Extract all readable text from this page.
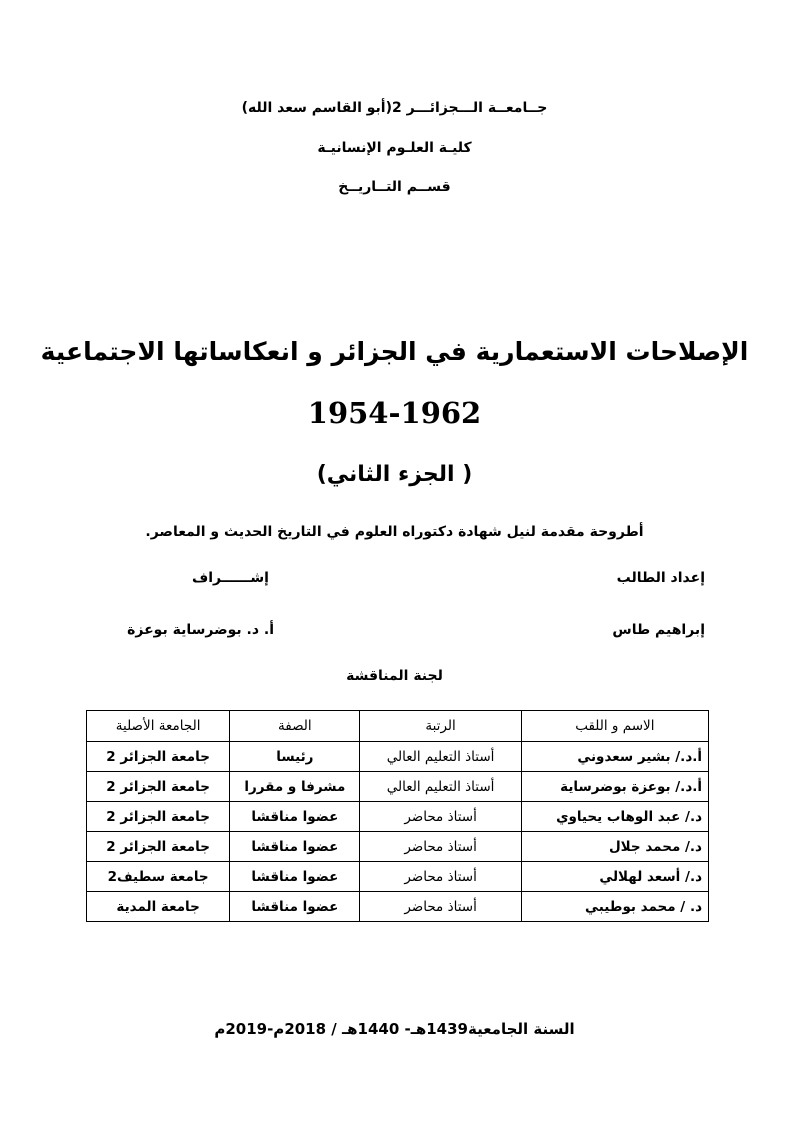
جــامعــة الـــجزائـــر 2(أبو القاسم سعد الله)
كليـة العلـوم الإنسانيـة
قســم التــاريــخ
الإصلاحات الاستعمارية في الجزائر و انعكاساتها الاجتماعية
1954-1962
( الجزء الثاني)
أطروحة مقدمة لنيل شهادة دكتوراه العلوم في التاريخ الحديث و المعاصر.
إعداد الطالب
إشــــــراف
إبراهيم طاس
أ. د. بوضرساية بوعزة
لجنة المناقشة
الاسم و اللقب	الرتبة	الصفة	الجامعة الأصلية
أ.د./ بشير سعدوني	أستاذ التعليم العالي	رئيسا	جامعة الجزائر 2
أ.د./ بوعزة بوضرساية	أستاذ التعليم العالي	مشرفا و مقررا	جامعة الجزائر 2
د./ عبد الوهاب يحياوي	أستاذ محاضر	عضوا مناقشا	جامعة الجزائر 2
د./ محمد جلال	أستاذ محاضر	عضوا مناقشا	جامعة الجزائر 2
د./ أسعد لهلالي	أستاذ محاضر	عضوا مناقشا	جامعة سطيف2
د. / محمد بوطيبي	أستاذ محاضر	عضوا مناقشا	جامعة المدية
السنة الجامعية1439هـ- 1440هـ / 2018م-2019م
